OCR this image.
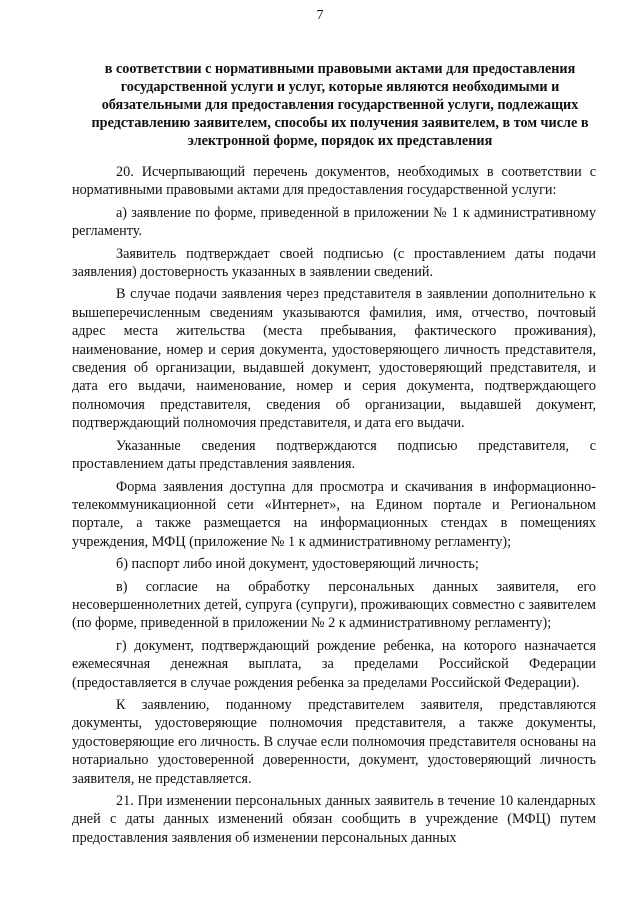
7
в соответствии с нормативными правовыми актами для предоставления государственной услуги и услуг, которые являются необходимыми и обязательными для предоставления государственной услуги, подлежащих представлению заявителем, способы их получения заявителем, в том числе в электронной форме, порядок их представления

20. Исчерпывающий перечень документов, необходимых в соответствии с нормативными правовыми актами для предоставления государственной услуги:

а) заявление по форме, приведенной в приложении № 1 к административному регламенту.

Заявитель подтверждает своей подписью (с проставлением даты подачи заявления) достоверность указанных в заявлении сведений.

В случае подачи заявления через представителя в заявлении дополнительно к вышеперечисленным сведениям указываются фамилия, имя, отчество, почтовый адрес места жительства (места пребывания, фактического проживания), наименование, номер и серия документа, удостоверяющего личность представителя, сведения об организации, выдавшей документ, удостоверяющий представителя, и дата его выдачи, наименование, номер и серия документа, подтверждающего полномочия представителя, сведения об организации, выдавшей документ, подтверждающий полномочия представителя, и дата его выдачи.

Указанные сведения подтверждаются подписью представителя, с проставлением даты представления заявления.

Форма заявления доступна для просмотра и скачивания в информационно-телекоммуникационной сети «Интернет», на Едином портале и Региональном портале, а также размещается на информационных стендах в помещениях учреждения, МФЦ (приложение № 1 к административному регламенту);

б) паспорт либо иной документ, удостоверяющий личность;

в) согласие на обработку персональных данных заявителя, его несовершеннолетних детей, супруга (супруги), проживающих совместно с заявителем (по форме, приведенной в приложении № 2 к административному регламенту);

г) документ, подтверждающий рождение ребенка, на которого назначается ежемесячная денежная выплата, за пределами Российской Федерации (предоставляется в случае рождения ребенка за пределами Российской Федерации).

К заявлению, поданному представителем заявителя, представляются документы, удостоверяющие полномочия представителя, а также документы, удостоверяющие его личность. В случае если полномочия представителя основаны на нотариально удостоверенной доверенности, документ, удостоверяющий личность заявителя, не представляется.

21. При изменении персональных данных заявитель в течение 10 календарных дней с даты данных изменений обязан сообщить в учреждение (МФЦ) путем предоставления заявления об изменении персональных данных
